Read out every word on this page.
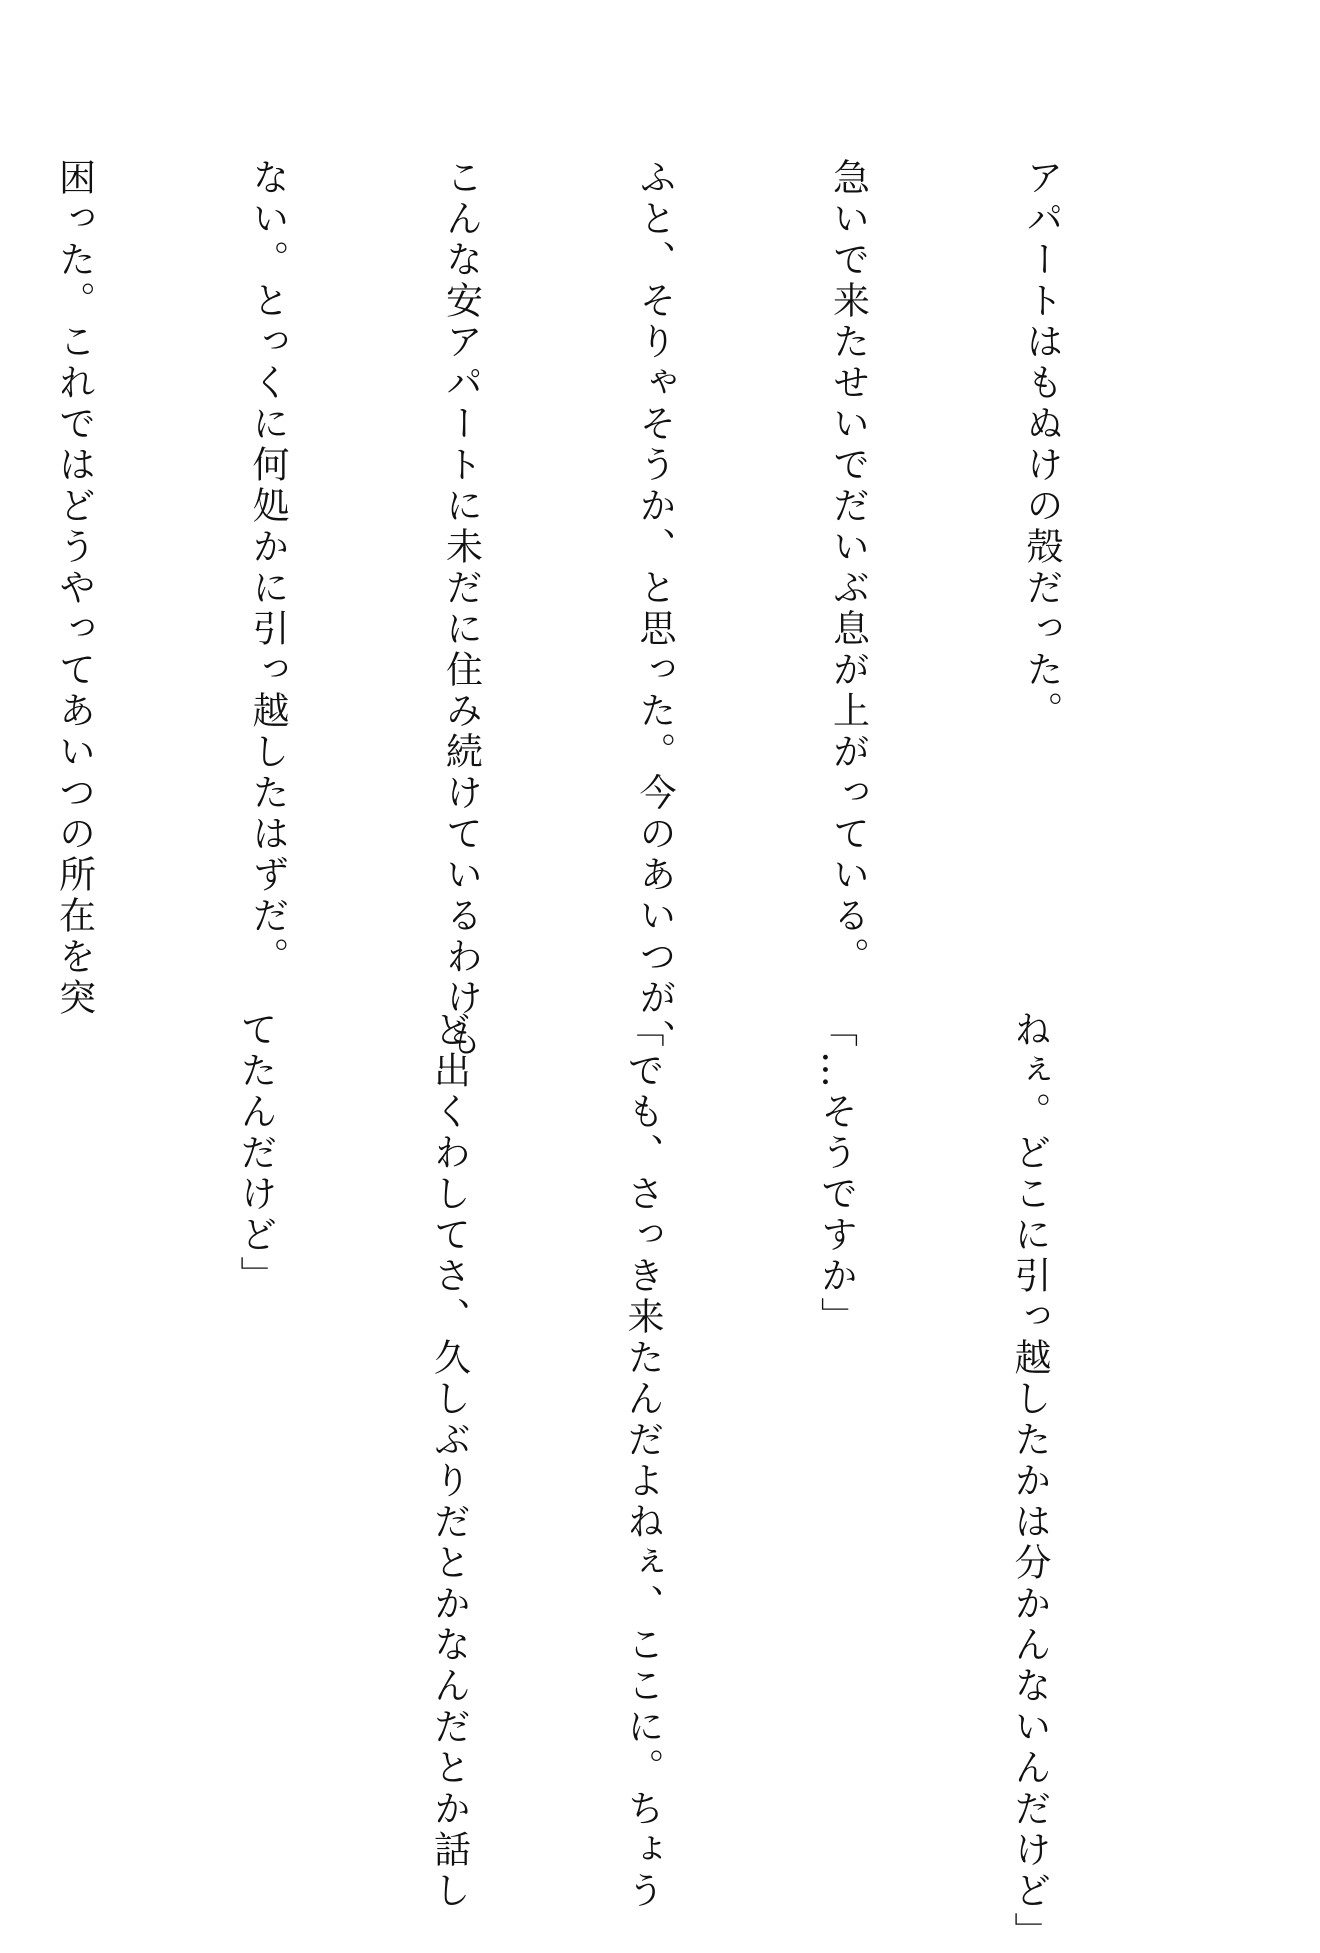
アパートはもぬけの殻だった。

急いで来たせいでだいぶ息が上がっている。

ふと、そりゃそうか、と思った。今のあいつが、

こんな安アパートに未だに住み続けているわけも

ない。とっくに何処かに引っ越したはずだ。

困った。これではどうやってあいつの所在を突

ねぇ。どこに引っ越したかは分かんないんだけど」

「…そうですか」

「でも、さっき来たんだよねぇ、ここに。ちょう

ど出くわしてさ、久しぶりだとかなんだとか話し

てたんだけど」
